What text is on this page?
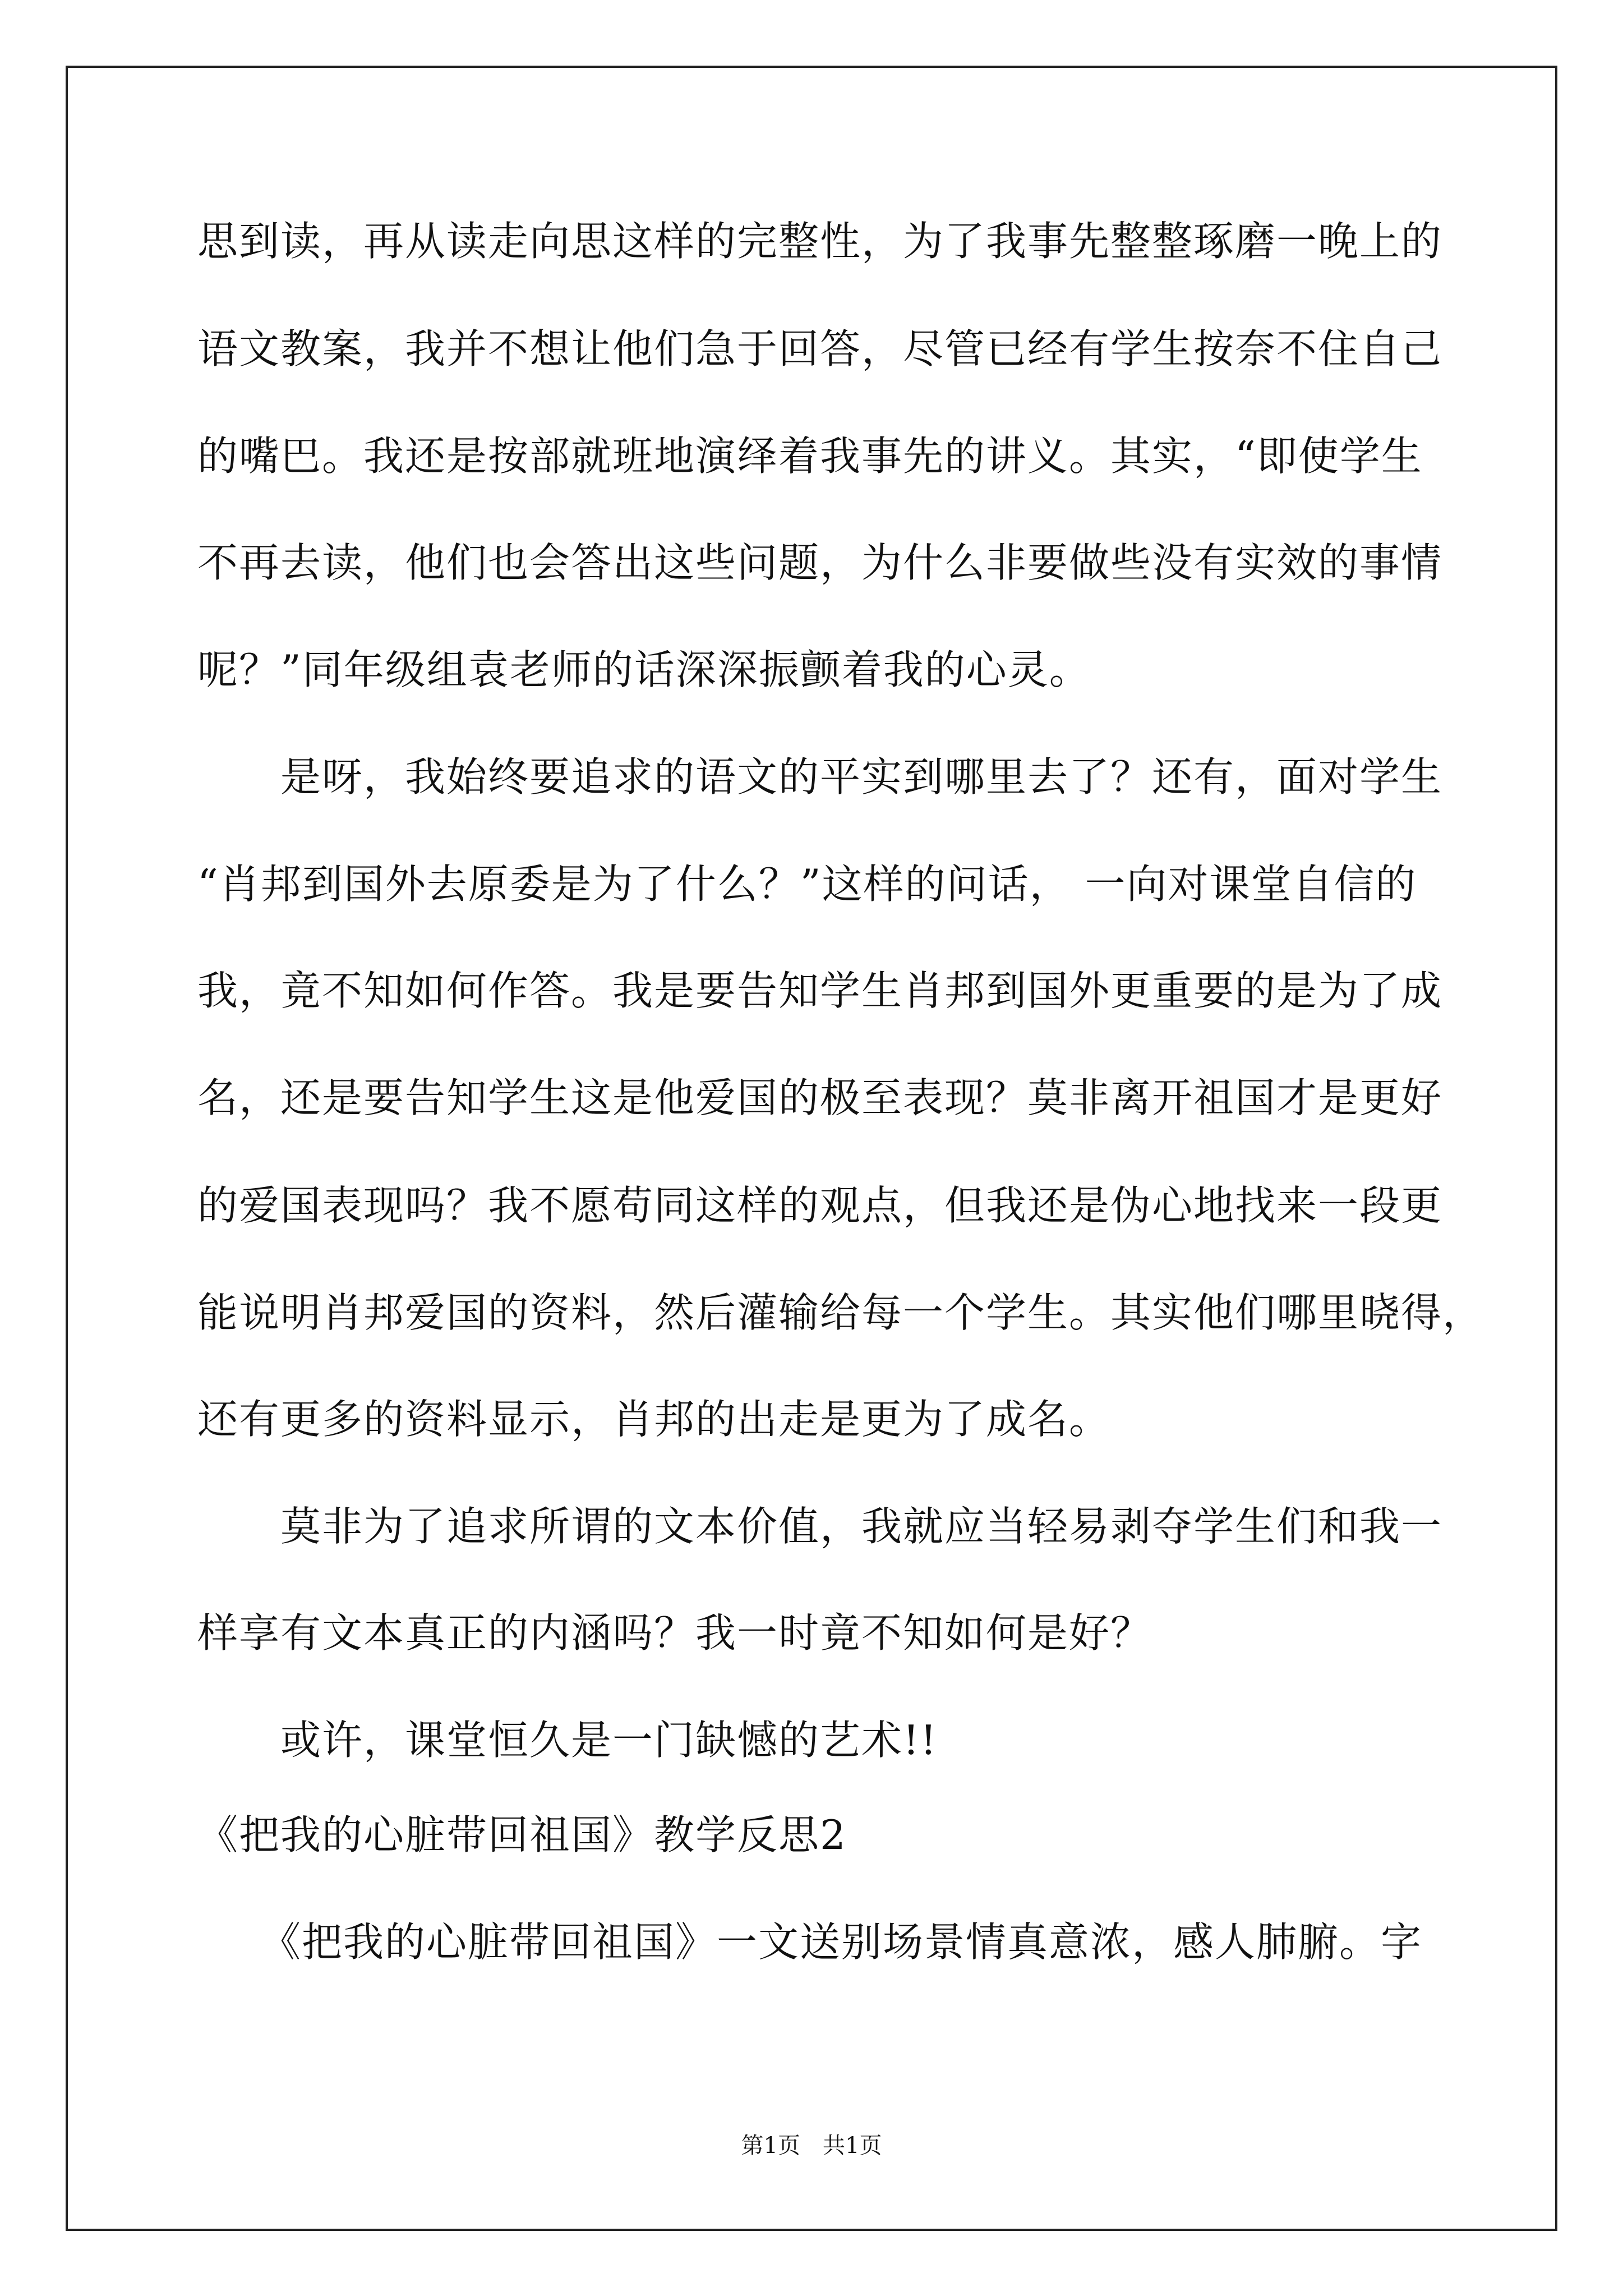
思到读，再从读走向思这样的完整性，为了我事先整整琢磨一晚上的
语文教案，我并不想让他们急于回答，尽管已经有学生按奈不住自己
的嘴巴。我还是按部就班地演绎着我事先的讲义。其实，“即使学生
不再去读，他们也会答出这些问题，为什么非要做些没有实效的事情
呢？”同年级组袁老师的话深深振颤着我的心灵。
　　是呀，我始终要追求的语文的平实到哪里去了？还有，面对学生
“肖邦到国外去原委是为了什么？”这样的问话， 一向对课堂自信的
我，竟不知如何作答。我是要告知学生肖邦到国外更重要的是为了成
名，还是要告知学生这是他爱国的极至表现？莫非离开祖国才是更好
的爱国表现吗？我不愿苟同这样的观点，但我还是伪心地找来一段更
能说明肖邦爱国的资料，然后灌输给每一个学生。其实他们哪里晓得，
还有更多的资料显示，肖邦的出走是更为了成名。
　　莫非为了追求所谓的文本价值，我就应当轻易剥夺学生们和我一
样享有文本真正的内涵吗？我一时竟不知如何是好？
　　或许，课堂恒久是一门缺憾的艺术!!
《把我的心脏带回祖国》教学反思2
　　《把我的心脏带回祖国》一文送别场景情真意浓，感人肺腑。字
第1页　共1页
